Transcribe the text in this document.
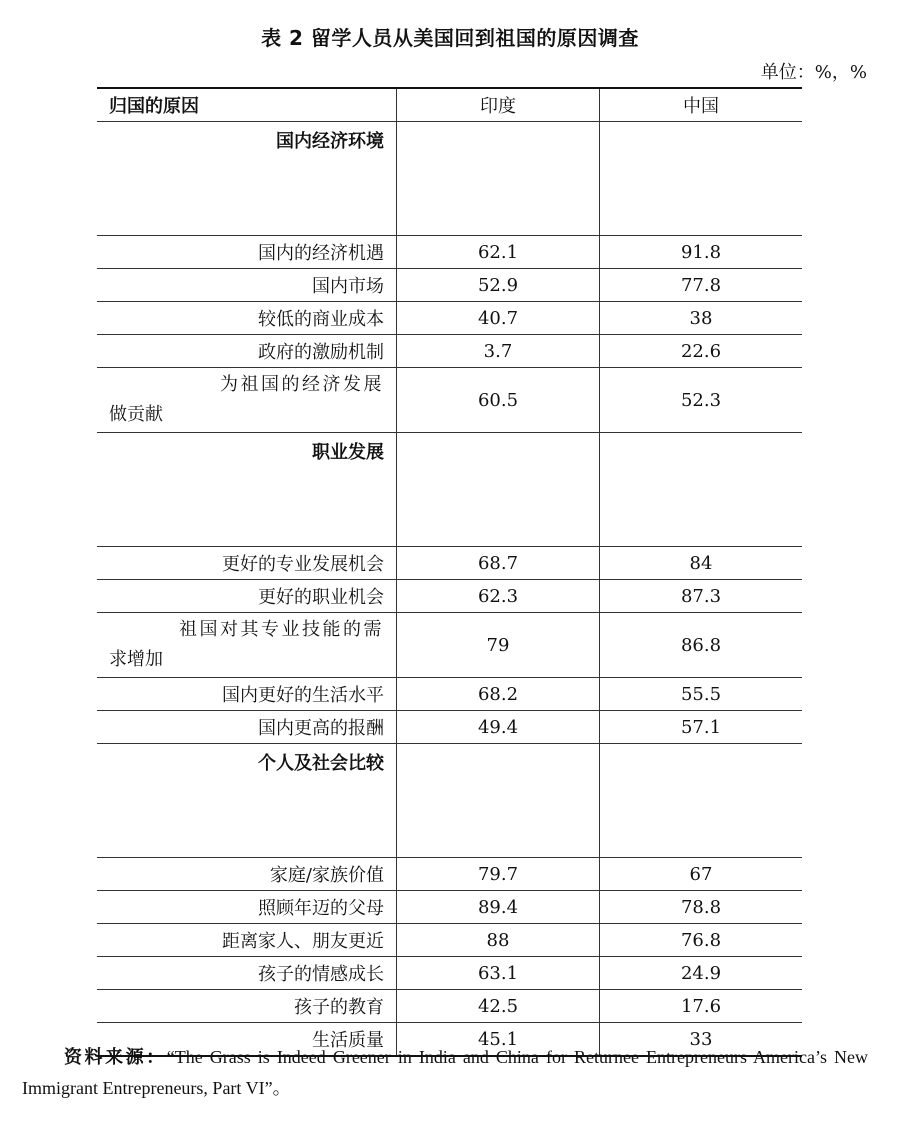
表 2 留学人员从美国回到祖国的原因调查
单位：%，%
归国的原因	印度	中国
国内经济环境		
国内的经济机遇	62.1	91.8
国内市场	52.9	77.8
较低的商业成本	40.7	38
政府的激励机制	3.7	22.6

为祖国的经济发展
做贡献	60.5	52.3
职业发展		
更好的专业发展机会	68.7	84
更好的职业机会	62.3	87.3

祖国对其专业技能的需
求增加	79	86.8
国内更好的生活水平	68.2	55.5
国内更高的报酬	49.4	57.1
个人及社会比较		
家庭/家族价值	79.7	67
照顾年迈的父母	89.4	78.8
距离家人、朋友更近	88	76.8
孩子的情感成长	63.1	24.9
孩子的教育	42.5	17.6
生活质量	45.1	33
资料来源：“The Grass is Indeed Greener in India and China for Returnee Entrepreneurs America’s New Immigrant Entrepreneurs, Part VI”。
